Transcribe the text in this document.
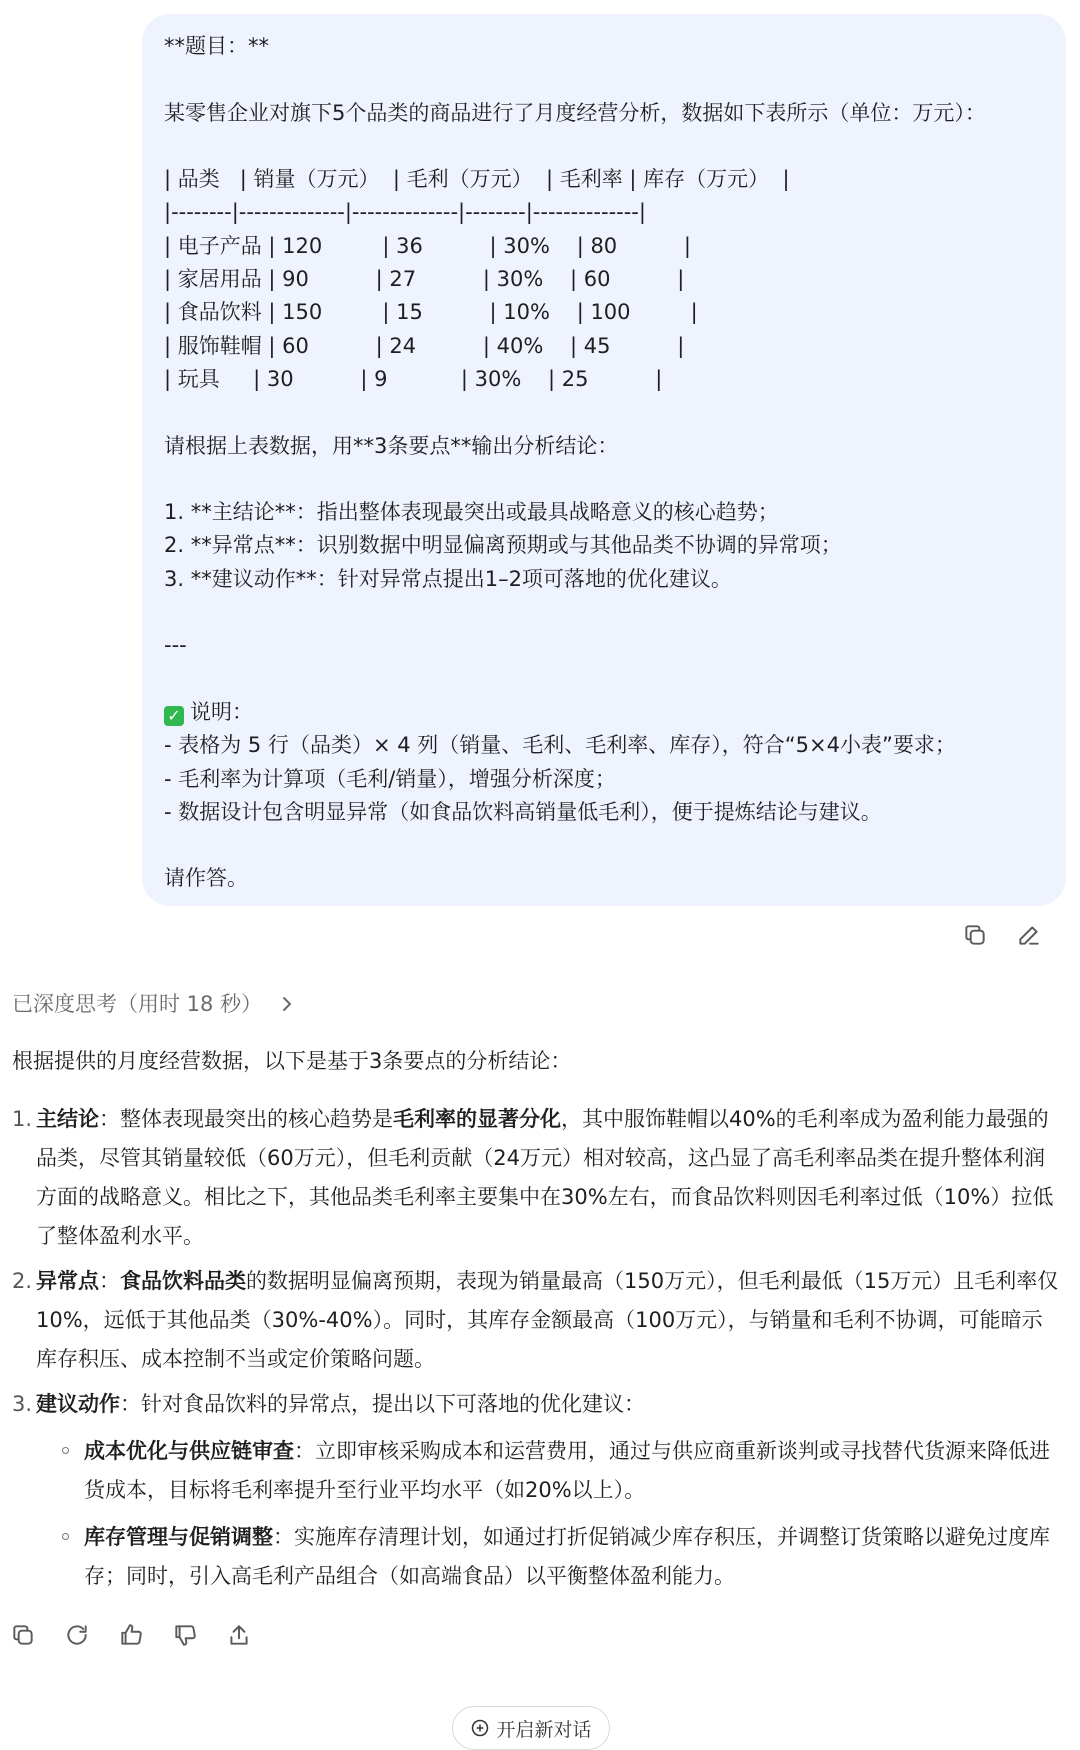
**题目：**
某零售企业对旗下5个品类的商品进行了月度经营分析，数据如下表所示（单位：万元）：
| 品类   | 销量（万元）  | 毛利（万元）  | 毛利率 | 库存（万元）  |
|--------|--------------|--------------|--------|--------------|
| 电子产品 | 120         | 36          | 30%    | 80          |
| 家居用品 | 90          | 27          | 30%    | 60          |
| 食品饮料 | 150         | 15          | 10%    | 100         |
| 服饰鞋帽 | 60          | 24          | 40%    | 45          |
| 玩具     | 30          | 9           | 30%    | 25          |
请根据上表数据，用**3条要点**输出分析结论：
1. **主结论**：指出整体表现最突出或最具战略意义的核心趋势；
2. **异常点**：识别数据中明显偏离预期或与其他品类不协调的异常项；
3. **建议动作**：针对异常点提出1–2项可落地的优化建议。
---
✓ 说明：
- 表格为 5 行（品类）× 4 列（销量、毛利、毛利率、库存），符合“5×4小表”要求；
- 毛利率为计算项（毛利/销量），增强分析深度；
- 数据设计包含明显异常（如食品饮料高销量低毛利），便于提炼结论与建议。
请作答。
已深度思考（用时 18 秒）
根据提供的月度经营数据，以下是基于3条要点的分析结论：
1. 主结论：整体表现最突出的核心趋势是毛利率的显著分化，其中服饰鞋帽以40%的毛利率成为盈利能力最强的品类，尽管其销量较低（60万元），但毛利贡献（24万元）相对较高，这凸显了高毛利率品类在提升整体利润方面的战略意义。相比之下，其他品类毛利率主要集中在30%左右，而食品饮料则因毛利率过低（10%）拉低了整体盈利水平。
2. 异常点：食品饮料品类的数据明显偏离预期，表现为销量最高（150万元），但毛利最低（15万元）且毛利率仅10%，远低于其他品类（30%-40%）。同时，其库存金额最高（100万元），与销量和毛利不协调，可能暗示库存积压、成本控制不当或定价策略问题。
3. 建议动作：针对食品饮料的异常点，提出以下可落地的优化建议：
成本优化与供应链审查：立即审核采购成本和运营费用，通过与供应商重新谈判或寻找替代货源来降低进货成本，目标将毛利率提升至行业平均水平（如20%以上）。
库存管理与促销调整：实施库存清理计划，如通过打折促销减少库存积压，并调整订货策略以避免过度库存；同时，引入高毛利产品组合（如高端食品）以平衡整体盈利能力。
开启新对话
